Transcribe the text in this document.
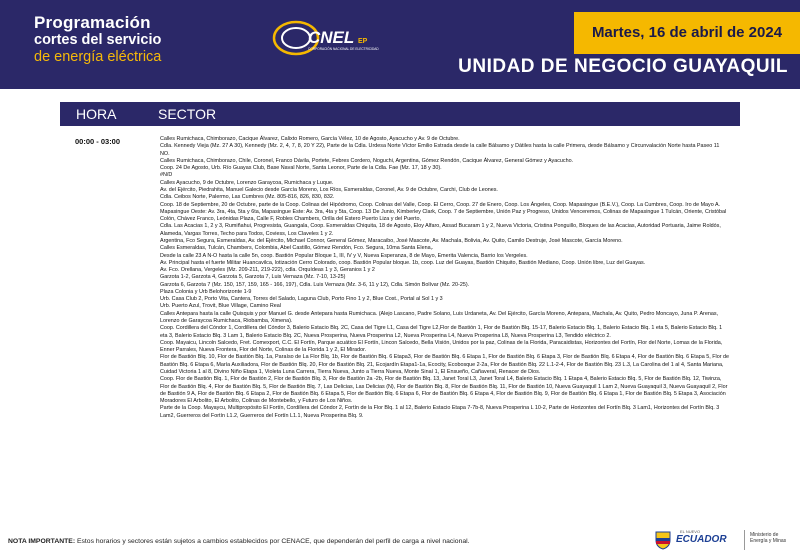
Programación
cortes del servicio
de energía eléctrica
CNEL EP
CORPORACIÓN NACIONAL DE ELECTRICIDAD
Martes, 16 de abril de 2024
UNIDAD DE NEGOCIO GUAYAQUIL
HORA	SECTOR
00:00 - 03:00	Calles Rumichaca, Chimborazo, Cacique Álvarez, Calixto Romero, García Vélez, 10 de Agosto, Ayacucho y Av. 9 de Octubre.
Cdla. Kennedy Vieja (Mz. 27 A 30), Kennedy (Mz. 2, 4, 7, 8, 20 Y 22), Parte de la Cdla. Urdesa Norte Víctor Emilio Estrada desde la calle Bálsamo y Dátiles hasta la calle Primera, desde Bálsamo y Circunvalación Norte hasta Paseo 11 NO.
Calles Rumichaca, Chimborazo, Chile, Coronel, Franco Dávila, Portete, Febres Cordero, Noguchi, Argentina, Gómez Rendón, Cacique Álvarez, General Gómez y Ayacucho.
Coop. 24 De Agosto, Urb. Río Guayas Club, Base Naval Norte, Santa Leonor, Parte de la Cdla. Fae (Mz. 17, 18 y 30).
#N/D
Calles Ayacucho, 9 de Octubre, Lorenzo Garaycoa, Rumichaca y Luque.
Av. del Ejército, Piedrahita, Manuel Galecio desde García Moreno, Los Ríos, Esmeraldas, Coronel, Av. 9 de Octubre, Carchi, Club de Leones.
Cdla. Ceibos Norte, Palermo, Las Cumbres (Mz. 805-816, 826, 830, 832.
Coop. 18 de Septiembre, 20 de Octubre, parte de la Coop. Colinas del Hipódromo, Coop. Colinas del Valle, Coop. El Cerro, Coop. 27 de Enero, Coop. Los Ángeles, Coop. Mapasingue (B.E.V.), Coop. La Cumbres, Coop. Iro de Mayo A.
Mapasingue Oeste: Av. 3ra, 4ta, 5ta y 6ta, Mapasingue Este: Av. 3ra, 4ta y 5ta, Coop. 13 De Junio, Kimberley Clark, Coop. 7 de Septiembre, Unión Paz y Progreso, Unidos Venceremos, Colinas de Mapasingue 1 Tulcán, Oriente, Cristóbal Colón, Chávez Franco, Leónidas Plaza, Calle F, Robles Chambers, Orilla del Estero Puerto Liza y del Puerto,
Cdla. Las Acacias 1, 2 y 3, Rumiñahui, Progresista, Guangala, Coop. Esmeraldas Chiquita, 18 de Agosto, Eloy Alfaro, Assad Bucaram 1 y 2, Nueva Victoria, Cristina Ponguillo, Bloques de las Acacias, Autoridad Portuaria, Jaime Roldós, Alameda, Vargas Torres, Techo para Todos, Coviess, Los Claveles 1 y 2.
Argentina, Fco Segura, Esmeraldas, Av. del Ejército, Michael Connor, General Gómez, Maracaibo, José Mascote, Av. Machala, Bolivia, Av. Quito, Camilo Destruje, José Mascote, García Moreno.
Calles Esmeraldas, Tulcán, Chambers, Colombia, Abel Castillo, Gómez Rendón, Fco. Segura, 10ma Santa Elena,.
Desde la calle 23 A N-O hasta la calle 5n, coop. Bastión Popular Bloque 1, III, IV y V, Nueva Esperanza, 8 de Mayo, Emerita Valencia, Barrio los Vergeles.
Av. Principal hasta el fuerte Militar Huancavilca, lotización Cerro Colorado, coop. Bastión Popular bloque. 1b, coop. Luz del Guayas, Bastión Chiquito, Bastión Mediano, Coop. Unión libre, Luz del Guayas.
Av. Fco. Orellana, Vergeles (Mz. 209-211, 219-222), cdla. Orquídeas 1 y 3, Geranios 1 y 2
Garzota 1-2, Garzota 4, Garzota 5, Garzota 7, Luis Vernaza (Mz. 7-10, 13-25)
Garzota 6, Garzota 7 (Mz. 150, 157, 159, 165 - 166, 197), Cdla. Luis Vernaza (Mz. 3-6, 11 y 12), Cdla. Simón Bolívar (Mz. 20-25).
Plaza Colonia y Urb Belohorizonte 1-9
Urb. Casa Club 2, Porto Vita, Cantera, Torres del Salado, Laguna Club, Porto Fino 1 y 2, Blue Cost., Portal al Sol 1 y 3
Urb. Puerto Azul, Trovit, Blue Village, Camino Real
Calles Antepara hasta la calle Quisquis y por Manuel G. desde Antepara hasta Rumichaca. (Alejo Lascano, Padre Solano, Luis Urdaneta, Av. Del Ejército, García Moreno, Antepara, Machala, Av. Quito, Pedro Moncayo, Juna P. Arenas, Lorenzo de Garaycoa Rumichaca, Riobamba, Ximena).
Coop. Cordillera del Cóndor 1, Cordillera del Cóndor 3, Balerio Estacio Blq. 2C, Casa del Tigre L1, Casa del Tigre L2,Flor de Bastión 1, Flor de Bastión Blq. 15-17, Balerio Estacio Blq. 1, Balerio Estacio Blq. 1 eta 5, Balerio Estacio Blq. 1 eta 3, Balerio Estacio Blq. 3 Lam 1, Balerio Estacio Blq. 2C, Nueva Prosperina, Nueva Prosperina L2, Nueva Prosperina L4, Nueva Prosperina L8, Nueva Prosperina L3, Tendido eléctrico 2.
Coop. Mayaicu, Lincoln Salcedo, Fret. Comexport, C.C. El Fortín, Parque acuático El Fortín, Lincon Salcedo, Bella Visión, Unidos por la paz, Colinas de la Florida, Paracaidistas, Horizontes del Fortín, Flor del Norte, Lomas de la Florida, Enner Parrales, Nueva Frontera, Flor del Norte, Colinas de la Florida 1 y 2, El Mirador.
Flor de Bastión Blq. 10, Flor de Bastión Blq. 1a, Paraíso de La Flor Blq. 1b, Flor de Bastión Blq. 6 Etapa3, Flor de Bastión Blq. 6 Etapa 1, Flor de Bastión Blq. 6 Etapa 3, Flor de Bastión Blq. 6 Etapa 4, Flor de Bastión Blq. 6 Etapa 5, Flor de Bastión Blq. 6 Etapa 6, María Auxiliadora, Flor de Bastión Blq. 20, Flor de Bastión Blq. 21, Ecojardín Etapa1-1a, Ecocity, Ecobosque 2-2a, Flor de Bastión Blq. 22 L.1-2-4, Flor de Bastión Blq. 23 L.3, La Carolina del 1 al 4, Santa Mariana, Cuidad Victoria 1 al 8, Divino Niño Etapa 1, Violeta Luna Carrera, Tierra Nueva, Junto a Tierra Nueva, Monte Sinaí 1, El Ensueño, Cañaveral, Renacer de Dios.
Coop. Flor de Bastión Blq. 1, Flor de Bastión 2, Flor de Bastión Blq. 3, Flor de Bastión 2a -2b, Flor de Bastión Blq. 13, Janet Toral L3, Janet Toral L4, Balerio Estacio Blq. 1 Etapa 4, Balerio Estacio Blq. 5, Flor de Bastión Blq. 12, Tiwinza, Flor de Bastión Blq. 4, Flor de Bastión Blq. 5, Flor de Bastión Blq. 7, Las Delicias, Las Delicias (N), Flor de Bastión Blq. 8, Flor de Bastión Blq. 11, Flor de Bastión 10, Nueva Guayaquil 1 Lam 2, Nueva Guayaquil 3, Nueva Guayaquil 2, Flor de Bastión 9 A, Flor de Bastión Blq. 6 Etapa 2, Flor de Bastión Blq. 6 Etapa 5, Flor de Bastión Blq. 6 Etapa 6, Flor de Bastión Blq. 6 Etapa 4, Flor de Bastión Blq. 9, Flor de Bastión Blq. 6 Etapa 1, Flor de Bastión Blq. 5 Etapa 3, Asociación Moradores El Arbolito, El Arbolito, Colinas de Montebello, y Futuro de Los Niños.
Parte de la Coop. Mayaycu, Multipropósito El Fortín, Cordillera del Cóndor 2, Fortín de la Flor Blq. 1 al 12, Balerio Estacio Etapa 7-7b-8, Nueva Prosperina L 10-2, Parte de Horizontes del Fortín Blq. 3 Lam1, Horizontes del Fortín Blq. 3 Lam2, Guerreros del Fortín L1.2, Guerreros del Fortín L1.1, Nueva Prosperina Blq. 9.
NOTA IMPORTANTE: Estos horarios y sectores están sujetos a cambios establecidos por CENACE, que dependerán del perfil de carga a nivel nacional.
EL NUEVO
ECUADOR	Ministerio de
Energía y Minas
